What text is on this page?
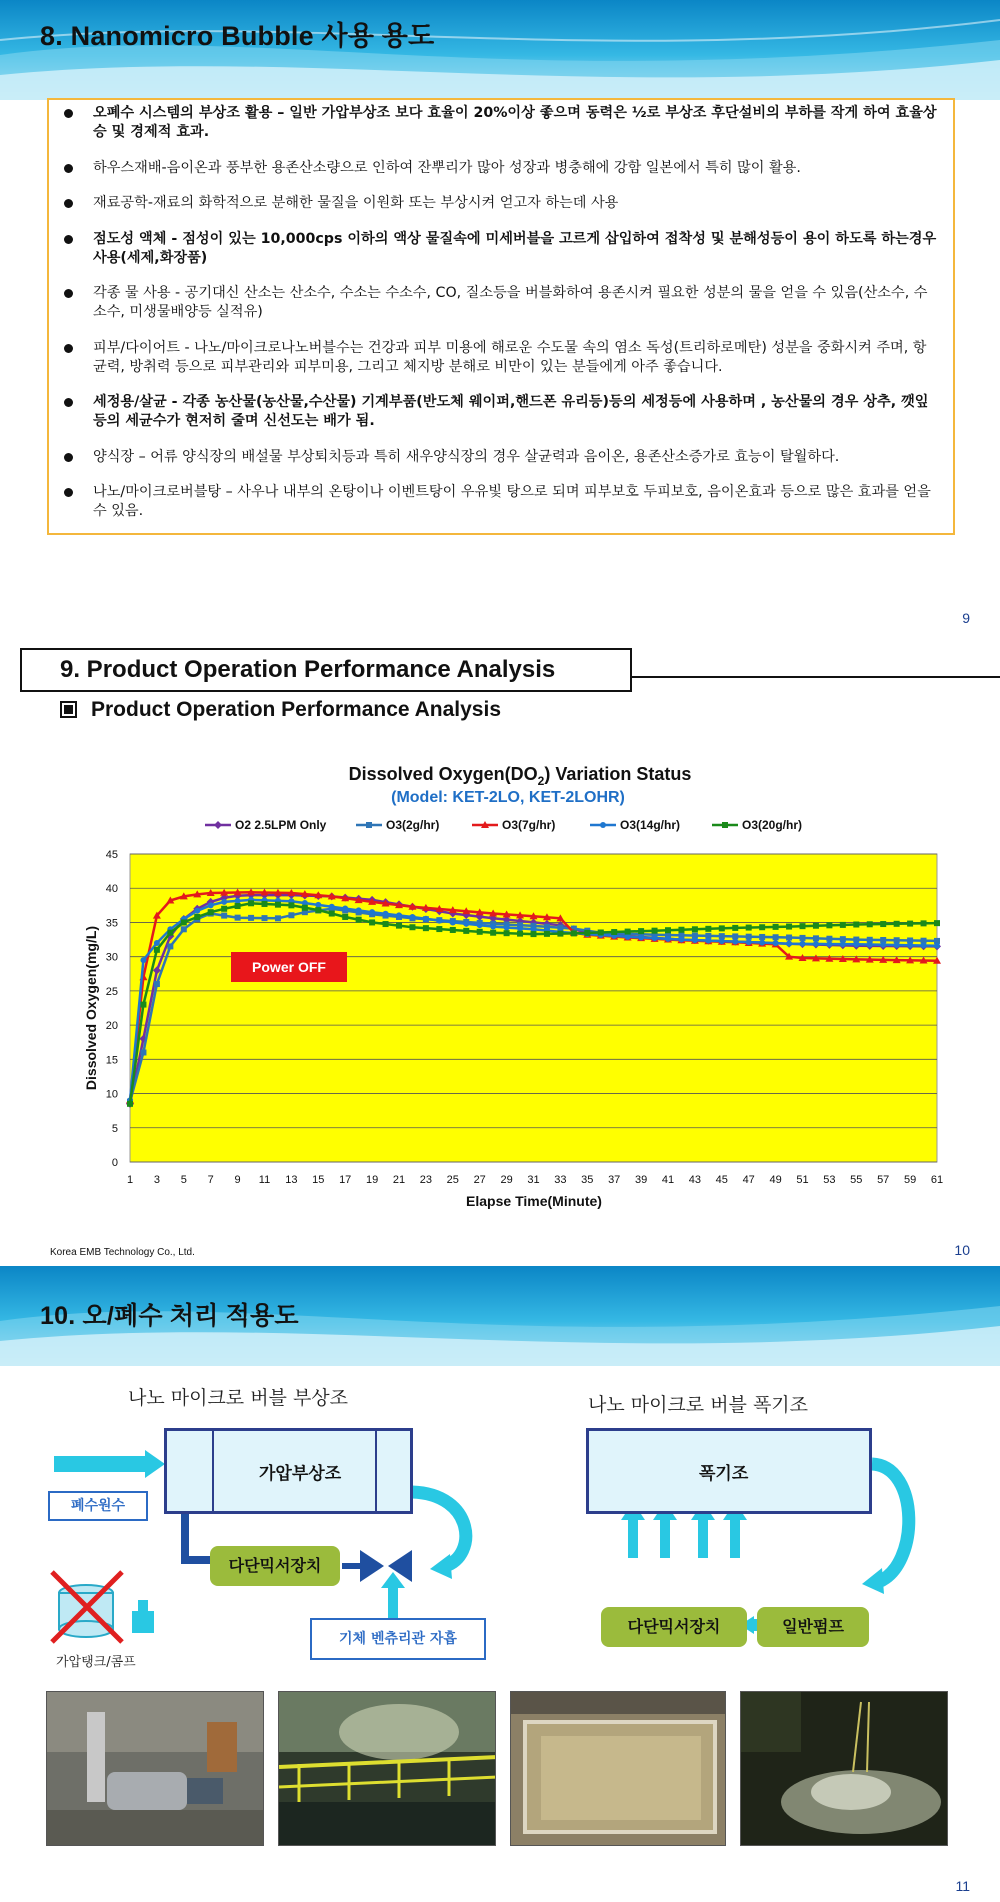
8. Nanomicro Bubble 사용 용도
오폐수 시스템의 부상조 활용 – 일반 가압부상조 보다 효율이 20%이상 좋으며 동력은 ½로 부상조 후단설비의 부하를 작게 하여 효율상승 및 경제적 효과.
하우스재배-음이온과 풍부한 용존산소량으로 인하여 잔뿌리가 많아 성장과 병충해에 강함 일본에서 특히 많이 활용.
재료공학-재료의 화학적으로 분해한 물질을 이원화 또는 부상시켜 얻고자 하는데 사용
점도성 액체 - 점성이 있는 10,000cps 이하의 액상 물질속에 미세버블을 고르게 삽입하여 접착성 및 분해성등이 용이 하도록 하는경우 사용(세제,화장품)
각종 물 사용 - 공기대신 산소는 산소수, 수소는 수소수, CO, 질소등을 버블화하여 용존시켜 필요한 성분의 물을 얻을 수 있음(산소수, 수소수, 미생물배양등 실적유)
피부/다이어트 - 나노/마이크로나노버블수는 건강과 피부 미용에 해로운 수도물 속의 염소 독성(트리하로메탄) 성분을 중화시켜 주며, 항균력, 방취력 등으로 피부관리와 피부미용, 그리고 체지방 분해로 비만이 있는 분들에게 아주 좋습니다.
세정용/살균 - 각종 농산물(농산물,수산물) 기계부품(반도체 웨이퍼,핸드폰 유리등)등의 세정등에 사용하며 , 농산물의 경우 상추, 깻잎등의 세균수가 현저히 줄며 신선도는 배가 됨.
양식장 – 어류 양식장의 배설물 부상퇴치등과 특히 새우양식장의 경우 살균력과 음이온, 용존산소증가로 효능이 탈월하다.
나노/마이크로버블탕 – 사우나 내부의 온탕이나 이벤트탕이 우유빛 탕으로 되며 피부보호 두피보호, 음이온효과 등으로 많은 효과를 얻을 수 있음.
9
9. Product Operation Performance Analysis
Product Operation Performance Analysis
Dissolved $Oxygen(DO_2)$ Variation Status
(Model: KET-2LO, KET-2LOHR)
0
5
10
15
20
25
30
35
40
45
1 3 5 7 9 11 13 15 17 19 21 23 25 27 29 31 33 35 37 39 41 43 45 47 49 51 53 55 57 59 61
Elapse Time(Minute)
Dissolved Oxygen(mg/L)	Power OFF
O2 2.5LPM Only	O3(2g/hr)	O3(7g/hr)	O3(14g/hr)	O3(20g/hr)
Korea EMB Technology Co., Ltd.	10
10. 오/폐수 처리 적용도
나노 마이크로 버블 부상조	나노 마이크로 버블 폭기조
가압부상조	폭기조
폐수원수
다단믹서장치
다단믹서장치	일반펌프
기체 벤츄리관 자흡
가압탱크/콤프
11
